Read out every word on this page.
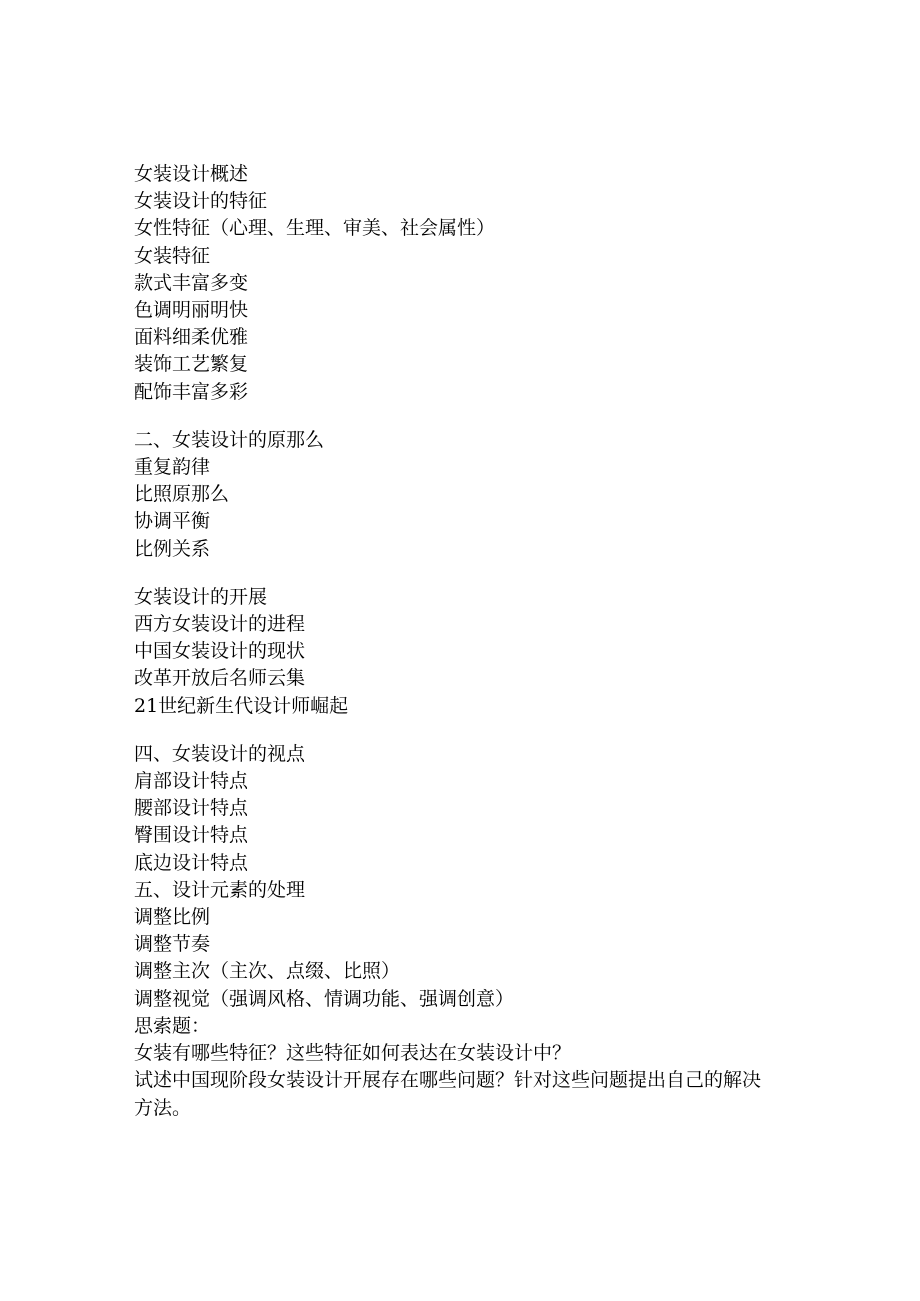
女装设计概述
女装设计的特征
女性特征（心理、生理、审美、社会属性）
女装特征
款式丰富多变
色调明丽明快
面料细柔优雅
装饰工艺繁复
配饰丰富多彩
二、女装设计的原那么
重复韵律
比照原那么
协调平衡
比例关系
女装设计的开展
西方女装设计的进程
中国女装设计的现状
改革开放后名师云集
21世纪新生代设计师崛起
四、女装设计的视点
肩部设计特点
腰部设计特点
臀围设计特点
底边设计特点
五、设计元素的处理
调整比例
调整节奏
调整主次（主次、点缀、比照）
调整视觉（强调风格、情调功能、强调创意）
思索题：
女装有哪些特征？这些特征如何表达在女装设计中？
试述中国现阶段女装设计开展存在哪些问题？针对这些问题提出自己的解决方法。
